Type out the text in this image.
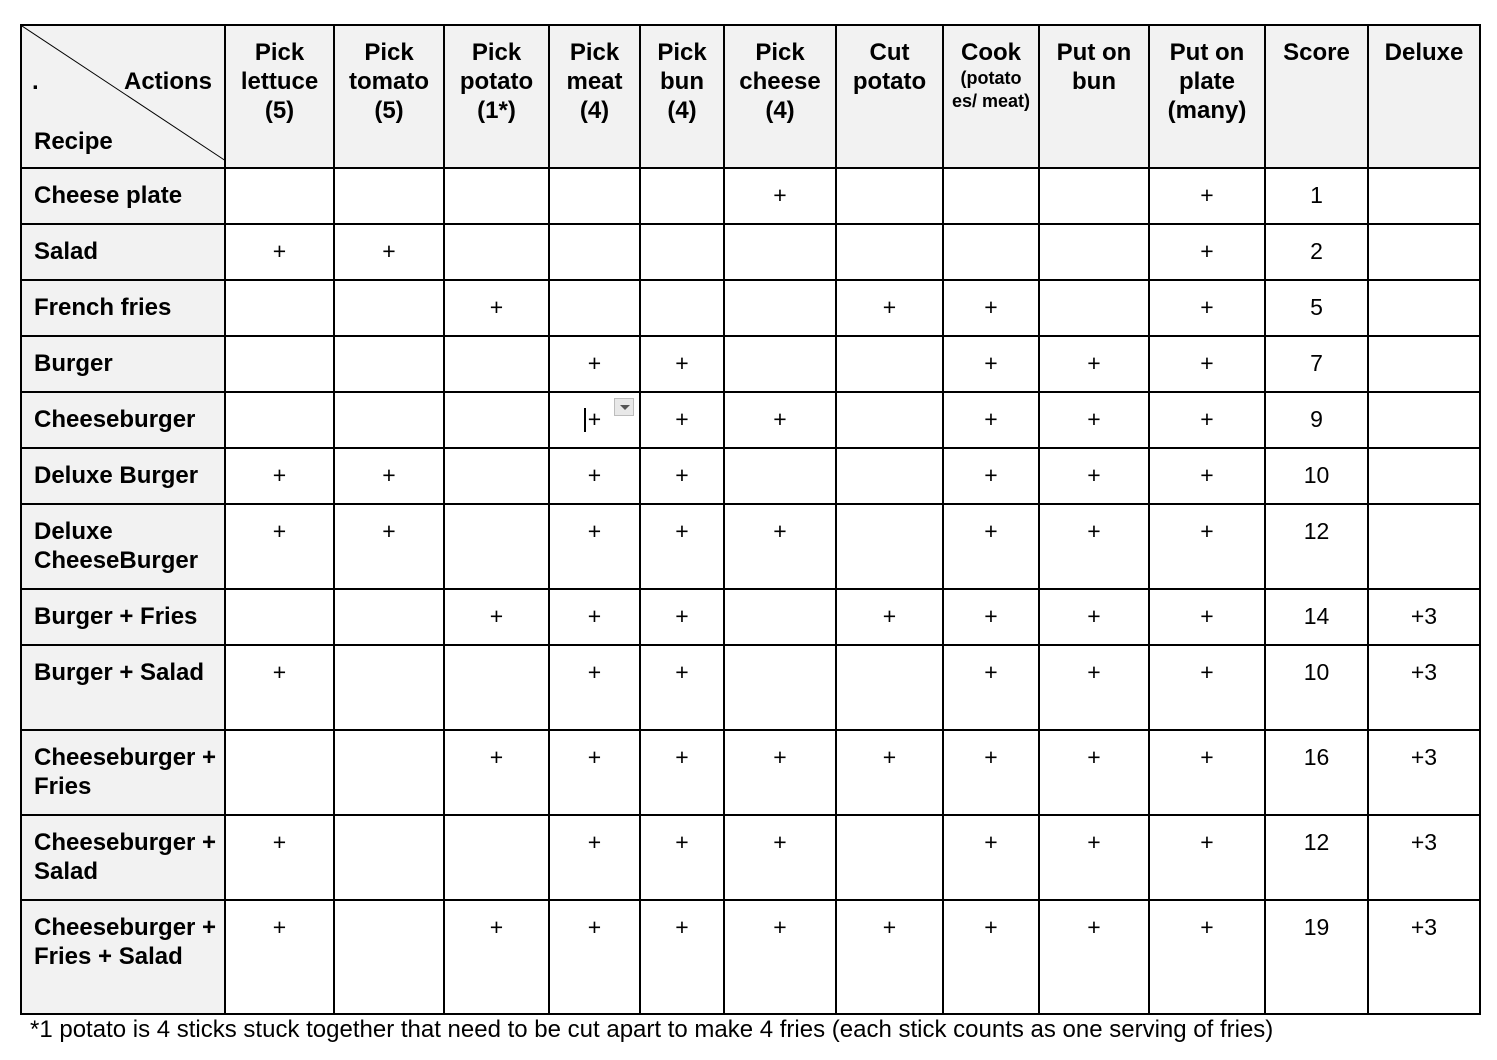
. Actions
Recipe	Pick lettuce (5)	Pick tomato (5)	Pick potato (1*)	Pick meat (4)	Pick bun (4)	Pick cheese (4)	Cut potato	Cook
(potato es/ meat)	Put on bun	Put on plate (many)	Score	Deluxe

Cheese plate						+				+	1	

Salad	+	+								+	2	

French fries			+				+	+		+	5	

Burger				+	+			+	+	+	7	

Cheeseburger				+	+	+		+	+	+	9	

Deluxe Burger	+	+		+	+			+	+	+	10	

Deluxe CheeseBurger	+	+		+	+	+		+	+	+	12	

Burger + Fries			+	+	+		+	+	+	+	14	+3

Burger + Salad	+			+	+			+	+	+	10	+3

Cheeseburger + Fries			+	+	+	+	+	+	+	+	16	+3

Cheeseburger + Salad	+			+	+	+		+	+	+	12	+3

Cheeseburger + Fries + Salad	+		+	+	+	+	+	+	+	+	19	+3
*1 potato is 4 sticks stuck together that need to be cut apart to make 4 fries (each stick counts as one serving of fries)
